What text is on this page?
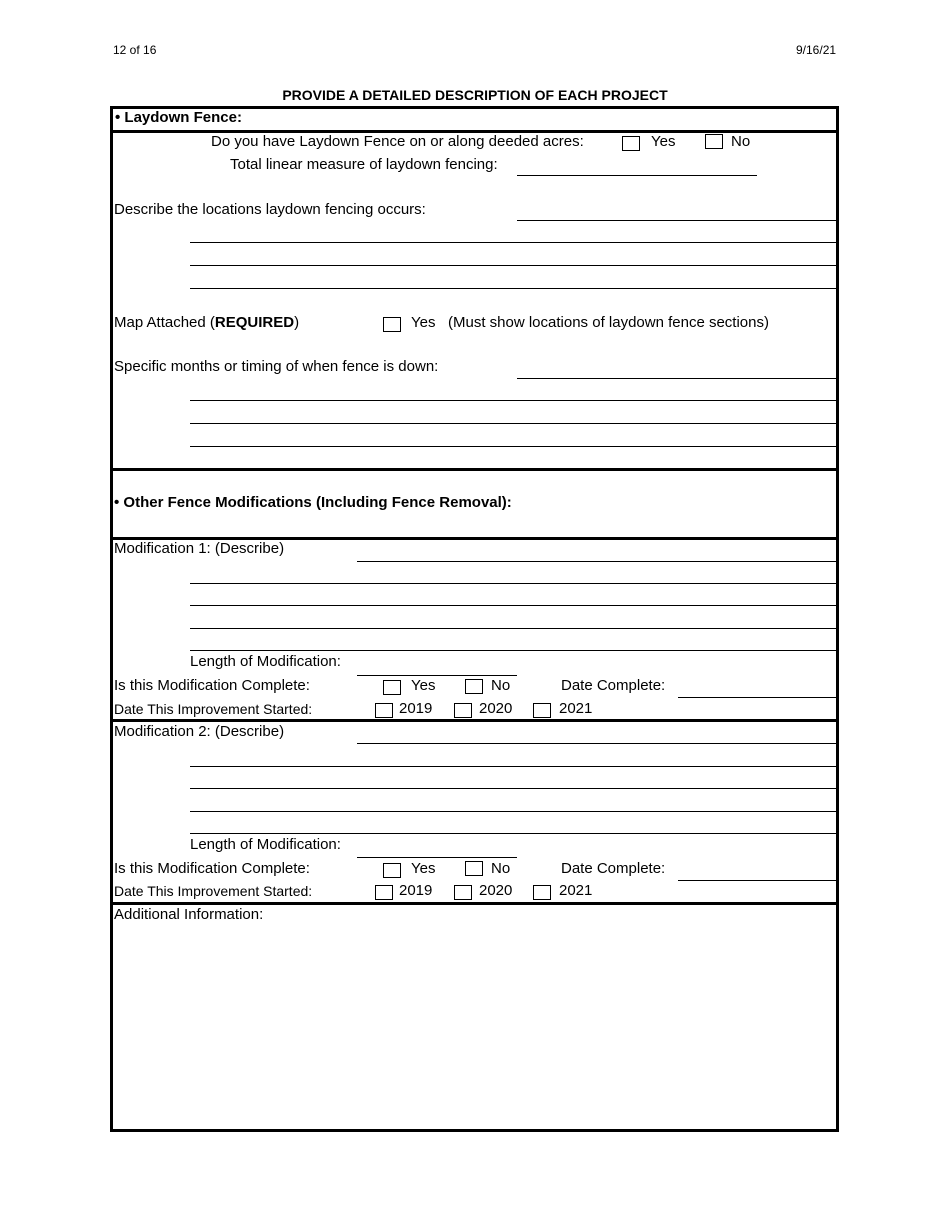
12 of 16	9/16/21
PROVIDE A DETAILED DESCRIPTION OF EACH PROJECT
• Laydown Fence:
Do you have Laydown Fence on or along deeded acres:	Yes	No
Total linear measure of laydown fencing:
Describe the locations laydown fencing occurs:
Map Attached (REQUIRED)	Yes (Must show locations of laydown fence sections)
Specific months or timing of when fence is down:
• Other Fence Modifications (Including Fence Removal):
Modification 1: (Describe)
Length of Modification:
Is this Modification Complete:	Yes	No	Date Complete:
Date This Improvement Started:	2019	2020	2021
Modification 2: (Describe)
Length of Modification:
Is this Modification Complete:	Yes	No	Date Complete:
Date This Improvement Started:	2019	2020	2021
Additional Information:
